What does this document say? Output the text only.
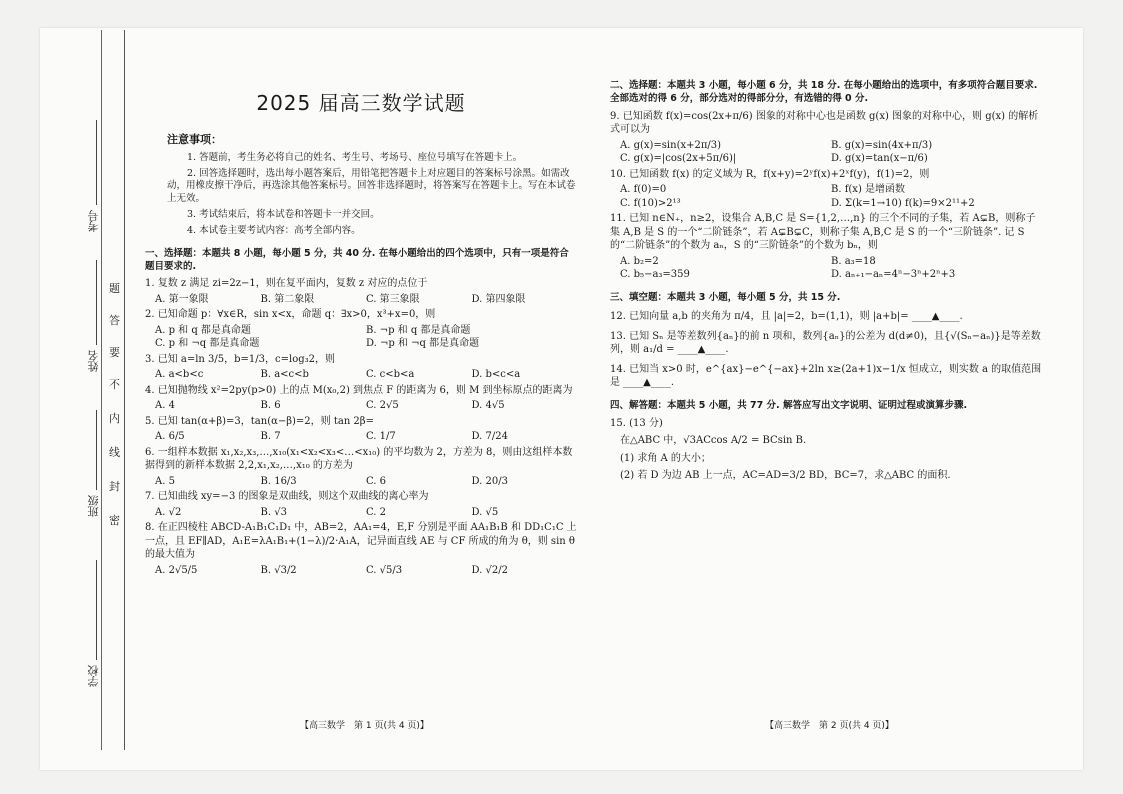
考号
姓名
班级
学校
题
答
要
不
内
线
封
密
2025 届高三数学试题
注意事项：
1. 答题前，考生务必将自己的姓名、考生号、考场号、座位号填写在答题卡上。
2. 回答选择题时，选出每小题答案后，用铅笔把答题卡上对应题目的答案标号涂黑。如需改动，用橡皮擦干净后，再选涂其他答案标号。回答非选择题时，将答案写在答题卡上。写在本试卷上无效。
3. 考试结束后，将本试卷和答题卡一并交回。
4. 本试卷主要考试内容：高考全部内容。
一、选择题：本题共 8 小题，每小题 5 分，共 40 分. 在每小题给出的四个选项中，只有一项是符合题目要求的.
1. 复数 z 满足 zi=2z−1，则在复平面内，复数 z 对应的点位于
A. 第一象限	B. 第二象限	C. 第三象限	D. 第四象限
2. 已知命题 p：∀x∈R，sin x<x，命题 q：∃x>0，x³+x=0，则
A. p 和 q 都是真命题	B. ¬p 和 q 都是真命题
C. p 和 ¬q 都是真命题	D. ¬p 和 ¬q 都是真命题
3. 已知 a=ln 3/5，b=1/3，c=log₃2，则
A. a<b<c	B. a<c<b	C. c<b<a	D. b<c<a
4. 已知抛物线 x²=2py(p>0) 上的点 M(x₀,2) 到焦点 F 的距离为 6，则 M 到坐标原点的距离为
A. 4	B. 6	C. 2√5	D. 4√5
5. 已知 tan(α+β)=3，tan(α−β)=2，则 tan 2β=
A. 6/5	B. 7	C. 1/7	D. 7/24
6. 一组样本数据 x₁,x₂,x₃,…,x₁₀(x₁<x₂<x₃<…<x₁₀) 的平均数为 2，方差为 8，则由这组样本数据得到的新样本数据 2,2,x₁,x₂,…,x₁₀ 的方差为
A. 5	B. 16/3	C. 6	D. 20/3
7. 已知曲线 xy=−3 的图象是双曲线，则这个双曲线的离心率为
A. √2	B. √3	C. 2	D. √5
8. 在正四棱柱 ABCD-A₁B₁C₁D₁ 中，AB=2，AA₁=4，E,F 分别是平面 AA₁B₁B 和 DD₁C₁C 上一点，且 EF∥AD，A₁E=λA₁B₁+(1−λ)/2·A₁A，记异面直线 AE 与 CF 所成的角为 θ，则 sin θ 的最大值为
A. 2√5/5	B. √3/2	C. √5/3	D. √2/2
二、选择题：本题共 3 小题，每小题 6 分，共 18 分. 在每小题给出的选项中，有多项符合题目要求. 全部选对的得 6 分，部分选对的得部分分，有选错的得 0 分.
9. 已知函数 f(x)=cos(2x+π/6) 图象的对称中心也是函数 g(x) 图象的对称中心，则 g(x) 的解析式可以为
A. g(x)=sin(x+2π/3)	B. g(x)=sin(4x+π/3)
C. g(x)=|cos(2x+5π/6)|	D. g(x)=tan(x−π/6)
10. 已知函数 f(x) 的定义域为 R，f(x+y)=2ʸf(x)+2ˣf(y)，f(1)=2，则
A. f(0)=0	B. f(x) 是增函数
C. f(10)>2¹³	D. Σ(k=1→10) f(k)=9×2¹¹+2
11. 已知 n∈N₊，n≥2，设集合 A,B,C 是 S={1,2,…,n} 的三个不同的子集，若 A⊊B，则称子集 A,B 是 S 的一个“二阶链条”，若 A⊊B⊊C，则称子集 A,B,C 是 S 的一个“三阶链条”. 记 S 的“二阶链条”的个数为 aₙ，S 的“三阶链条”的个数为 bₙ，则
A. b₂=2	B. a₃=18
C. b₅−a₃=359	D. aₙ₊₁−aₙ=4ⁿ−3ⁿ+2ⁿ+3
三、填空题：本题共 3 小题，每小题 5 分，共 15 分.
12. 已知向量 a,b 的夹角为 π/4，且 |a|=2，b=(1,1)，则 |a+b|= ____▲____.
13. 已知 Sₙ 是等差数列{aₙ}的前 n 项和，数列{aₙ}的公差为 d(d≠0)，且{√(Sₙ−aₙ)}是等差数列，则 a₁/d = ____▲____.
14. 已知当 x>0 时，e^{ax}−e^{−ax}+2ln x≥(2a+1)x−1/x 恒成立，则实数 a 的取值范围是 ____▲____.
四、解答题：本题共 5 小题，共 77 分. 解答应写出文字说明、证明过程或演算步骤.
15. (13 分)
在△ABC 中，√3ACcos A/2 = BCsin B.
(1) 求角 A 的大小；
(2) 若 D 为边 AB 上一点，AC=AD=3/2 BD，BC=7，求△ABC 的面积.
【高三数学　第 1 页(共 4 页)】	【高三数学　第 2 页(共 4 页)】
